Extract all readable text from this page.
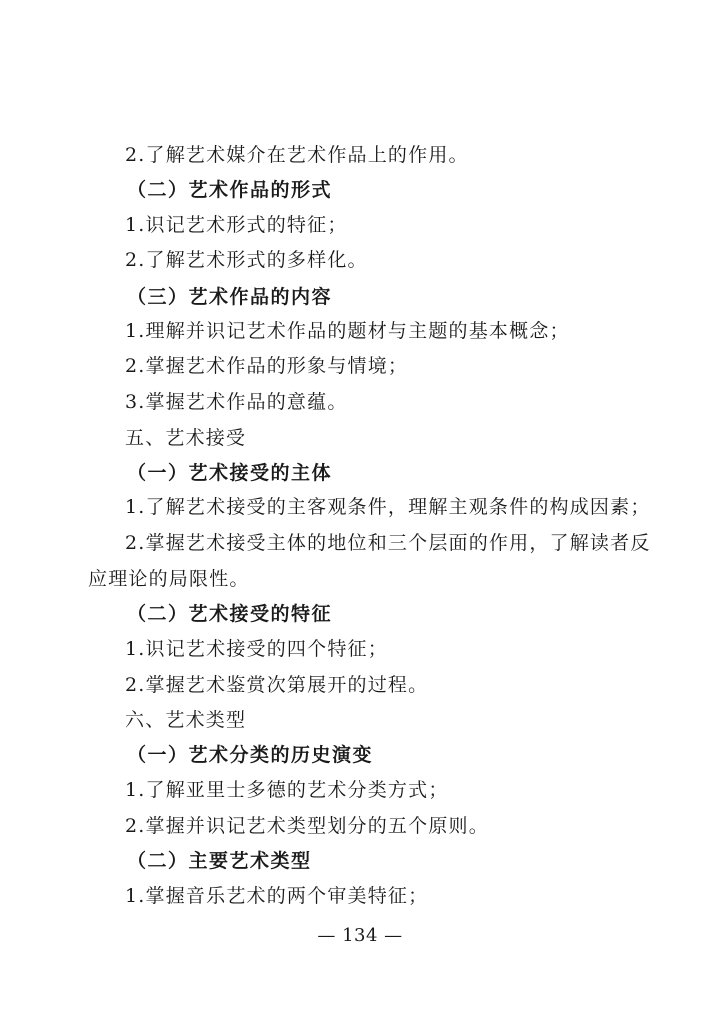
2.了解艺术媒介在艺术作品上的作用。
（二）艺术作品的形式
1.识记艺术形式的特征；
2.了解艺术形式的多样化。
（三）艺术作品的内容
1.理解并识记艺术作品的题材与主题的基本概念；
2.掌握艺术作品的形象与情境；
3.掌握艺术作品的意蕴。
五、艺术接受
（一）艺术接受的主体
1.了解艺术接受的主客观条件，理解主观条件的构成因素；
2.掌握艺术接受主体的地位和三个层面的作用，了解读者反
应理论的局限性。
（二）艺术接受的特征
1.识记艺术接受的四个特征；
2.掌握艺术鉴赏次第展开的过程。
六、艺术类型
（一）艺术分类的历史演变
1.了解亚里士多德的艺术分类方式；
2.掌握并识记艺术类型划分的五个原则。
（二）主要艺术类型
1.掌握音乐艺术的两个审美特征；
— 134 —
